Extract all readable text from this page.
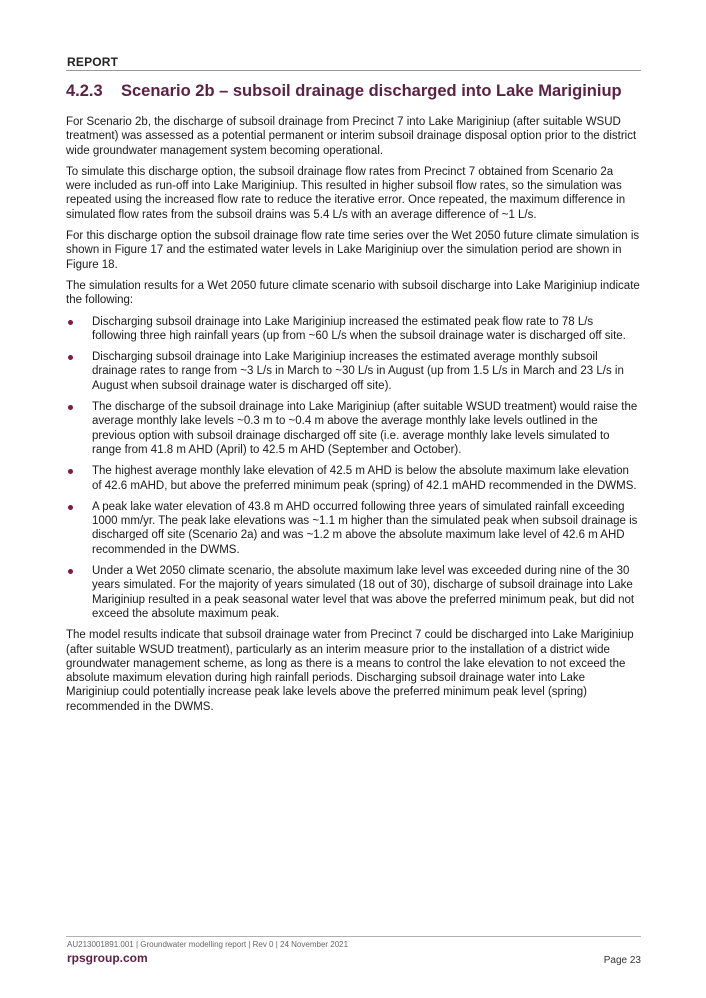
REPORT
4.2.3 Scenario 2b – subsoil drainage discharged into Lake Mariginiup

For Scenario 2b, the discharge of subsoil drainage from Precinct 7 into Lake Mariginiup (after suitable WSUD treatment) was assessed as a potential permanent or interim subsoil drainage disposal option prior to the district wide groundwater management system becoming operational.

To simulate this discharge option, the subsoil drainage flow rates from Precinct 7 obtained from Scenario 2a were included as run-off into Lake Mariginiup. This resulted in higher subsoil flow rates, so the simulation was repeated using the increased flow rate to reduce the iterative error. Once repeated, the maximum difference in simulated flow rates from the subsoil drains was 5.4 L/s with an average difference of ~1 L/s.

For this discharge option the subsoil drainage flow rate time series over the Wet 2050 future climate simulation is shown in Figure 17 and the estimated water levels in Lake Mariginiup over the simulation period are shown in Figure 18.

The simulation results for a Wet 2050 future climate scenario with subsoil discharge into Lake Mariginiup indicate the following:

Discharging subsoil drainage into Lake Mariginiup increased the estimated peak flow rate to 78 L/s following three high rainfall years (up from ~60 L/s when the subsoil drainage water is discharged off site.
Discharging subsoil drainage into Lake Mariginiup increases the estimated average monthly subsoil drainage rates to range from ~3 L/s in March to ~30 L/s in August (up from 1.5 L/s in March and 23 L/s in August when subsoil drainage water is discharged off site).
The discharge of the subsoil drainage into Lake Mariginiup (after suitable WSUD treatment) would raise the average monthly lake levels ~0.3 m to ~0.4 m above the average monthly lake levels outlined in the previous option with subsoil drainage discharged off site (i.e. average monthly lake levels simulated to range from 41.8 m AHD (April) to 42.5 m AHD (September and October).
The highest average monthly lake elevation of 42.5 m AHD is below the absolute maximum lake elevation of 42.6 mAHD, but above the preferred minimum peak (spring) of 42.1 mAHD recommended in the DWMS.
A peak lake water elevation of 43.8 m AHD occurred following three years of simulated rainfall exceeding 1000 mm/yr. The peak lake elevations was ~1.1 m higher than the simulated peak when subsoil drainage is discharged off site (Scenario 2a) and was ~1.2 m above the absolute maximum lake level of 42.6 m AHD recommended in the DWMS.
Under a Wet 2050 climate scenario, the absolute maximum lake level was exceeded during nine of the 30 years simulated. For the majority of years simulated (18 out of 30), discharge of subsoil drainage into Lake Mariginiup resulted in a peak seasonal water level that was above the preferred minimum peak, but did not exceed the absolute maximum peak.

The model results indicate that subsoil drainage water from Precinct 7 could be discharged into Lake Mariginiup (after suitable WSUD treatment), particularly as an interim measure prior to the installation of a district wide groundwater management scheme, as long as there is a means to control the lake elevation to not exceed the absolute maximum elevation during high rainfall periods. Discharging subsoil drainage water into Lake Mariginiup could potentially increase peak lake levels above the preferred minimum peak level (spring) recommended in the DWMS.

AU213001891.001 | Groundwater modelling report | Rev 0 | 24 November 2021
rpsgroup.com	Page 23
